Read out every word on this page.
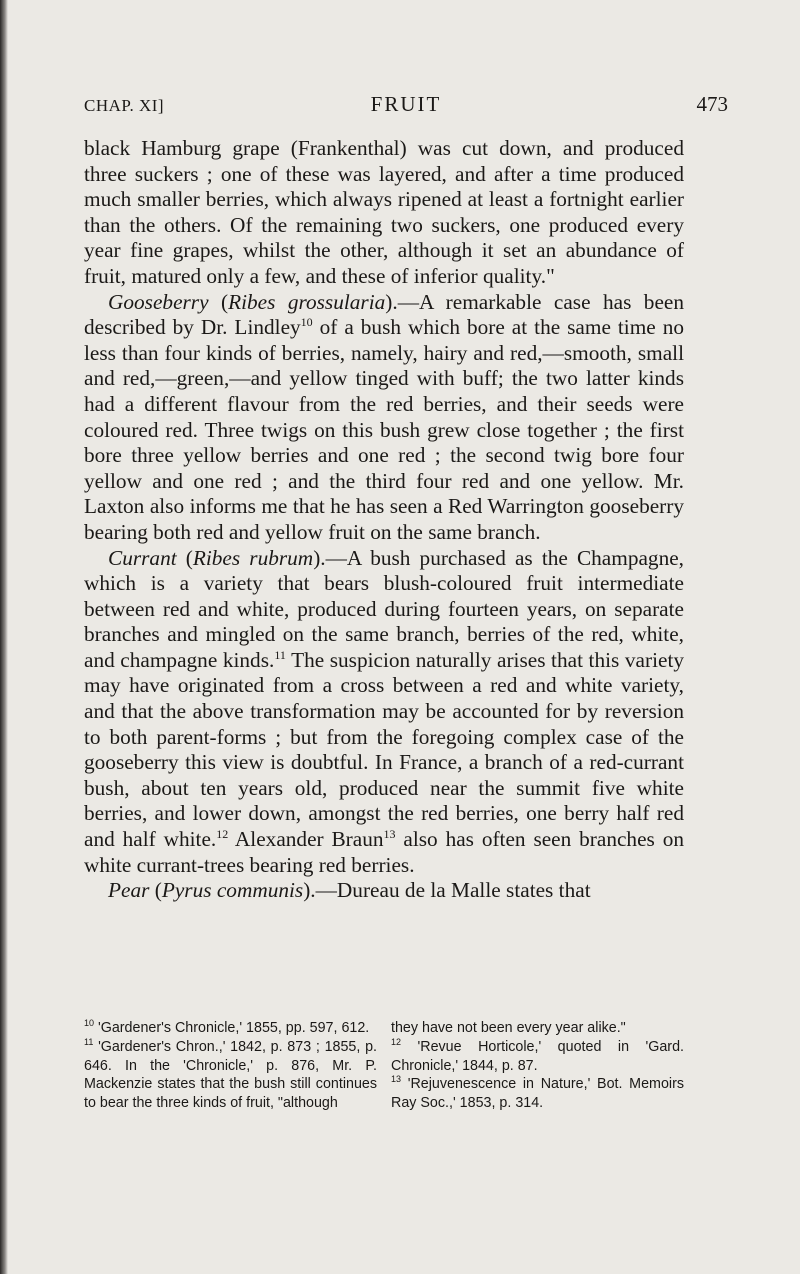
CHAP. XI]	FRUIT	473

black Hamburg grape (Frankenthal) was cut down, and produced three suckers ; one of these was layered, and after a time produced much smaller berries, which always ripened at least a fortnight earlier than the others. Of the remaining two suckers, one produced every year fine grapes, whilst the other, although it set an abundance of fruit, matured only a few, and these of inferior quality."

Gooseberry (Ribes grossularia).—A remarkable case has been described by Dr. Lindley$^{10}$ of a bush which bore at the same time no less than four kinds of berries, namely, hairy and red,—smooth, small and red,—green,—and yellow tinged with buff; the two latter kinds had a different flavour from the red berries, and their seeds were coloured red. Three twigs on this bush grew close together ; the first bore three yellow berries and one red ; the second twig bore four yellow and one red ; and the third four red and one yellow. Mr. Laxton also informs me that he has seen a Red Warrington gooseberry bearing both red and yellow fruit on the same branch.

Currant (Ribes rubrum).—A bush purchased as the Champagne, which is a variety that bears blush-coloured fruit intermediate between red and white, produced during fourteen years, on separate branches and mingled on the same branch, berries of the red, white, and champagne kinds.$^{11}$ The suspicion naturally arises that this variety may have originated from a cross between a red and white variety, and that the above transformation may be accounted for by reversion to both parent-forms ; but from the foregoing complex case of the gooseberry this view is doubtful. In France, a branch of a red-currant bush, about ten years old, produced near the summit five white berries, and lower down, amongst the red berries, one berry half red and half white.$^{12}$ Alexander Braun$^{13}$ also has often seen branches on white currant-trees bearing red berries.

Pear (Pyrus communis).—Dureau de la Malle states that

$^{10}$ 'Gardener's Chronicle,' 1855, pp. 597, 612.

$^{11}$ 'Gardener's Chron.,' 1842, p. 873 ; 1855, p. 646. In the 'Chronicle,' p. 876, Mr. P. Mackenzie states that the bush still continues to bear the three kinds of fruit, "although

they have not been every year alike."

$^{12}$ 'Revue Horticole,' quoted in 'Gard. Chronicle,' 1844, p. 87.

$^{13}$ 'Rejuvenescence in Nature,' Bot. Memoirs Ray Soc.,' 1853, p. 314.
